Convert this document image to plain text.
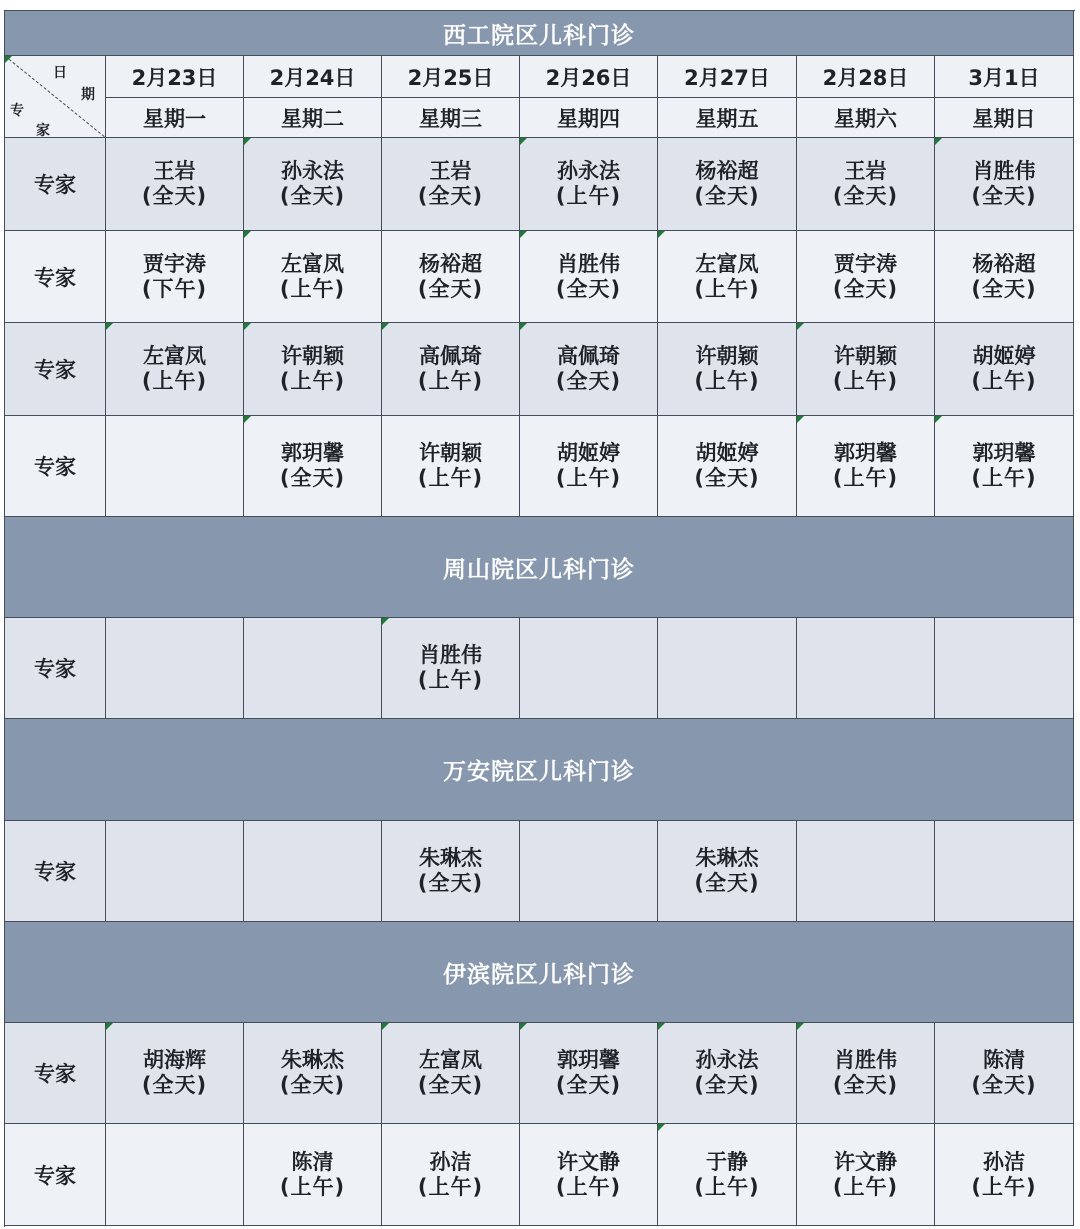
西工院区儿科门诊
日
期
专
家
2月23日
星期一
2月24日
星期二
2月25日
星期三
2月26日
星期四
2月27日
星期五
2月28日
星期六
3月1日
星期日
专家
王岩
(全天)
孙永法
(全天)
王岩
(全天)
孙永法
(上午)
杨裕超
(全天)
王岩
(全天)
肖胜伟
(全天)
专家
贾宇涛
(下午)
左富凤
(上午)
杨裕超
(全天)
肖胜伟
(全天)
左富凤
(上午)
贾宇涛
(全天)
杨裕超
(全天)
专家
左富凤
(上午)
许朝颖
(上午)
高佩琦
(上午)
高佩琦
(全天)
许朝颖
(上午)
许朝颖
(上午)
胡姬婷
(上午)
专家
郭玥馨
(全天)
许朝颖
(上午)
胡姬婷
(上午)
胡姬婷
(全天)
郭玥馨
(上午)
郭玥馨
(上午)
周山院区儿科门诊
专家
肖胜伟
(上午)
万安院区儿科门诊
专家
朱琳杰
(全天)
朱琳杰
(全天)
伊滨院区儿科门诊
专家
胡海辉
(全天)
朱琳杰
(全天)
左富凤
(全天)
郭玥馨
(全天)
孙永法
(全天)
肖胜伟
(全天)
陈清
(全天)
专家
陈清
(上午)
孙洁
(上午)
许文静
(上午)
于静
(上午)
许文静
(上午)
孙洁
(上午)
